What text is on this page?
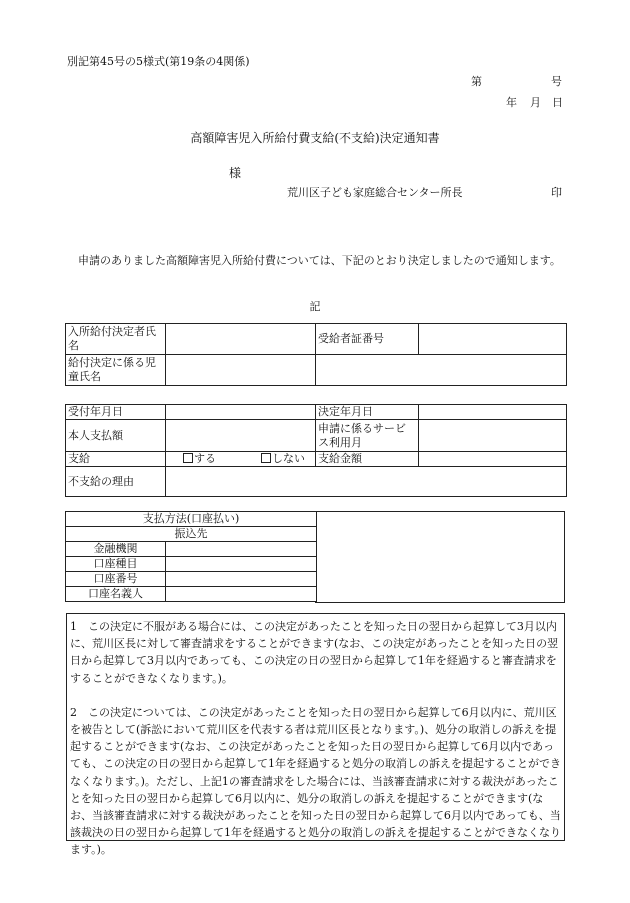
別記第45号の5様式(第19条の4関係)
第	号
年 月 日
高額障害児入所給付費支給(不支給)決定通知書
様
荒川区子ども家庭総合センター所長	印

申請のありました高額障害児入所給付費については、下記のとおり決定しましたので通知します。

記
入所給付決定者氏名		受給者証番号	
給付決定に係る児童氏名			
受付年月日		決定年月日	
本人支払額		申請に係るサービス利用月	
支給	する しない	支給金額	
不支給の理由			
支払方法(口座払い)	
振込先	
金融機関	
口座種目	
口座番号	
口座名義人	

1　この決定に不服がある場合には、この決定があったことを知った日の翌日から起算して3月以内に、荒川区長に対して審査請求をすることができます(なお、この決定があったことを知った日の翌日から起算して3月以内であっても、この決定の日の翌日から起算して1年を経過すると審査請求をすることができなくなります。)。

2　この決定については、この決定があったことを知った日の翌日から起算して6月以内に、荒川区を被告として(訴訟において荒川区を代表する者は荒川区長となります。)、処分の取消しの訴えを提起することができます(なお、この決定があったことを知った日の翌日から起算して6月以内であっても、この決定の日の翌日から起算して1年を経過すると処分の取消しの訴えを提起することができなくなります。)。ただし、上記1の審査請求をした場合には、当該審査請求に対する裁決があったことを知った日の翌日から起算して6月以内に、処分の取消しの訴えを提起することができます(なお、当該審査請求に対する裁決があったことを知った日の翌日から起算して6月以内であっても、当該裁決の日の翌日から起算して1年を経過すると処分の取消しの訴えを提起することができなくなります。)。
